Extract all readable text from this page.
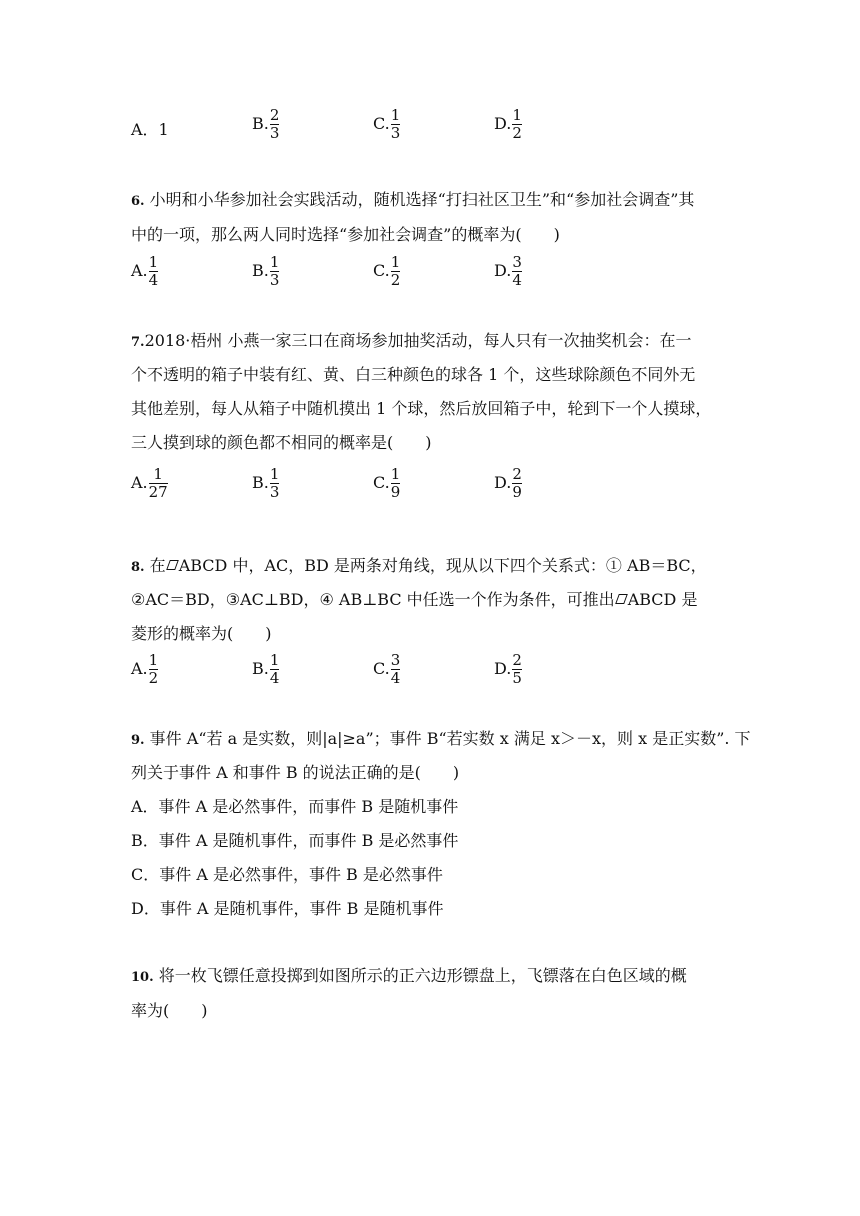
A．1	B. $\frac{2}{3}$	C. $\frac{1}{3}$	D. $\frac{1}{2}$
6. 小明和小华参加社会实践活动，随机选择“打扫社区卫生”和“参加社会调查”其
中的一项，那么两人同时选择“参加社会调查”的概率为(　　)
A. $\frac{1}{4}$	B. $\frac{1}{3}$	C. $\frac{1}{2}$	D. $\frac{3}{4}$
7.2018·梧州 小燕一家三口在商场参加抽奖活动，每人只有一次抽奖机会：在一
个不透明的箱子中装有红、黄、白三种颜色的球各 1 个，这些球除颜色不同外无
其他差别，每人从箱子中随机摸出 1 个球，然后放回箱子中，轮到下一个人摸球，
三人摸到球的颜色都不相同的概率是(　　)
A. $\frac{1}{27}$	B. $\frac{1}{3}$	C. $\frac{1}{9}$	D. $\frac{2}{9}$
8. 在 ABCD 中，AC，BD 是两条对角线，现从以下四个关系式：① AB＝BC，
②AC＝BD，③AC⊥BD，④ AB⊥BC 中任选一个作为条件，可推出 ABCD 是
菱形的概率为(　　)
A. $\frac{1}{2}$	B. $\frac{1}{4}$	C. $\frac{3}{4}$	D. $\frac{2}{5}$
9. 事件 A“若 a 是实数，则|a|≥a”；事件 B“若实数 x 满足 x＞－x，则 x 是正实数”. 下
列关于事件 A 和事件 B 的说法正确的是(　　)
A．事件 A 是必然事件，而事件 B 是随机事件
B．事件 A 是随机事件，而事件 B 是必然事件
C．事件 A 是必然事件，事件 B 是必然事件
D．事件 A 是随机事件，事件 B 是随机事件
10. 将一枚飞镖任意投掷到如图所示的正六边形镖盘上，飞镖落在白色区域的概
率为(　　)
